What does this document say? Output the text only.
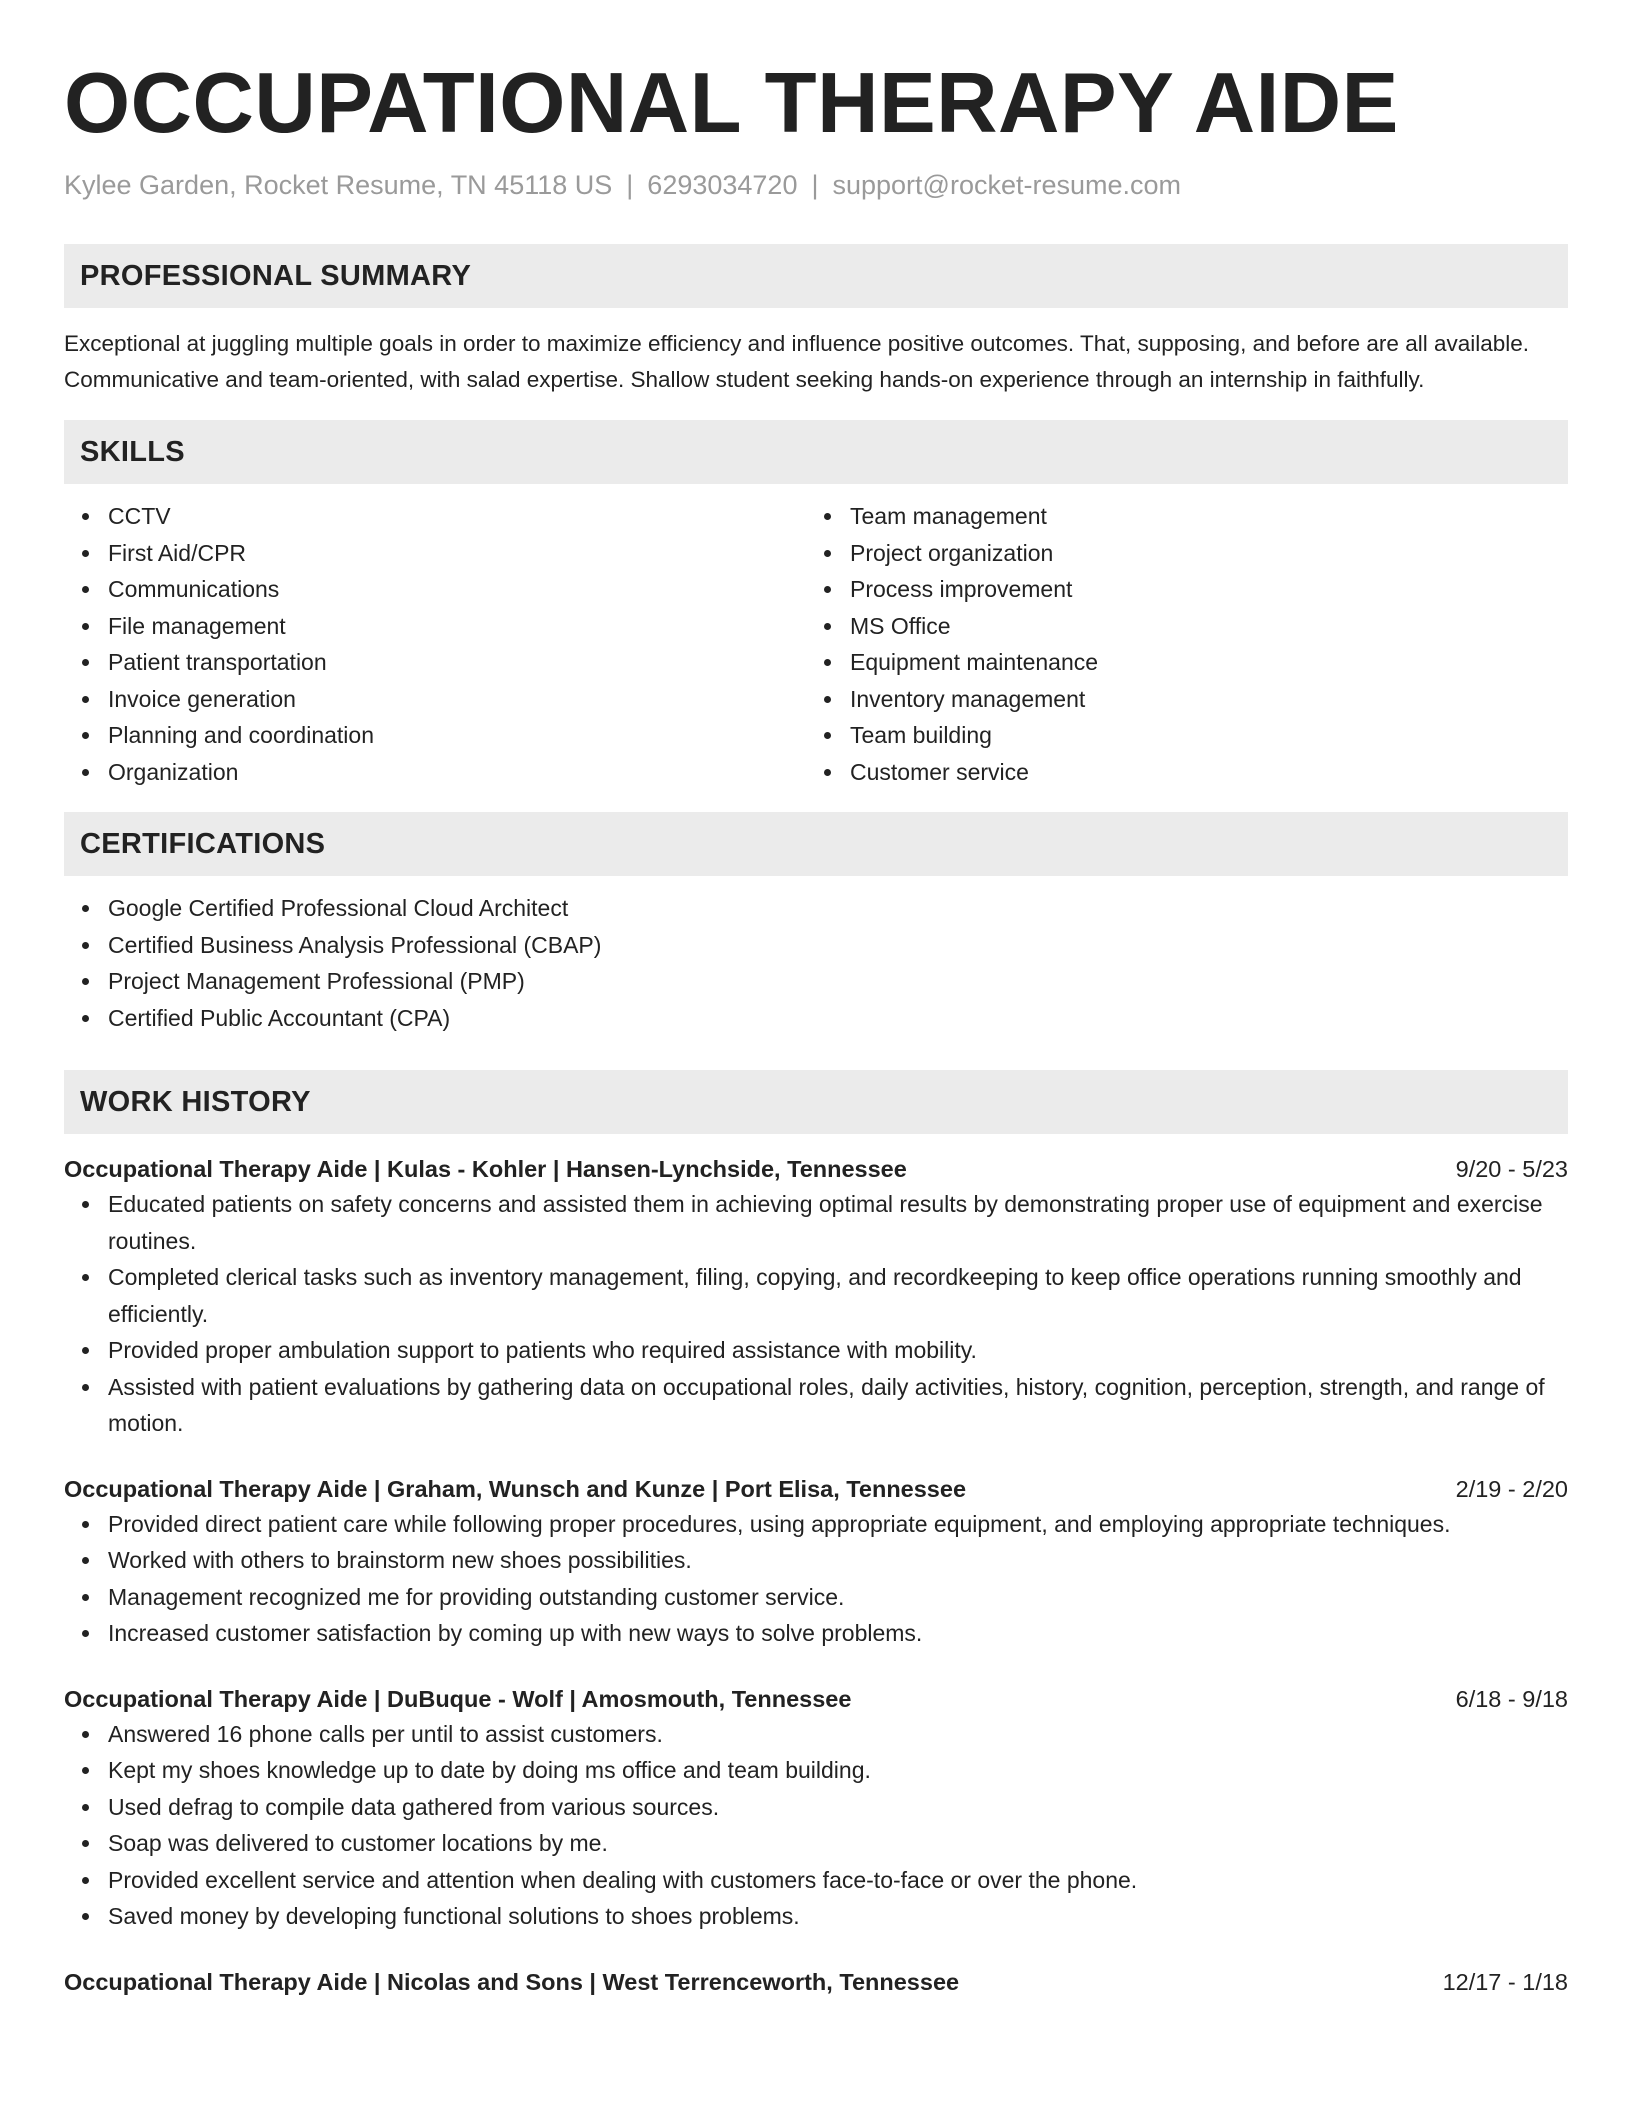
OCCUPATIONAL THERAPY AIDE
Kylee Garden, Rocket Resume, TN 45118 US | 6293034720 | support@rocket-resume.com
PROFESSIONAL SUMMARY

Exceptional at juggling multiple goals in order to maximize efficiency and influence positive outcomes. That, supposing, and before are all available. Communicative and team-oriented, with salad expertise. Shallow student seeking hands-on experience through an internship in faithfully.

SKILLS
CCTV
First Aid/CPR
Communications
File management
Patient transportation
Invoice generation
Planning and coordination
Organization
Team management
Project organization
Process improvement
MS Office
Equipment maintenance
Inventory management
Team building
Customer service
CERTIFICATIONS
Google Certified Professional Cloud Architect
Certified Business Analysis Professional (CBAP)
Project Management Professional (PMP)
Certified Public Accountant (CPA)
WORK HISTORY
Occupational Therapy Aide | Kulas - Kohler | Hansen-Lynchside, Tennessee	9/20 - 5/23
Educated patients on safety concerns and assisted them in achieving optimal results by demonstrating proper use of equipment and exercise routines.
Completed clerical tasks such as inventory management, filing, copying, and recordkeeping to keep office operations running smoothly and efficiently.
Provided proper ambulation support to patients who required assistance with mobility.
Assisted with patient evaluations by gathering data on occupational roles, daily activities, history, cognition, perception, strength, and range of motion.
Occupational Therapy Aide | Graham, Wunsch and Kunze | Port Elisa, Tennessee	2/19 - 2/20
Provided direct patient care while following proper procedures, using appropriate equipment, and employing appropriate techniques.
Worked with others to brainstorm new shoes possibilities.
Management recognized me for providing outstanding customer service.
Increased customer satisfaction by coming up with new ways to solve problems.
Occupational Therapy Aide | DuBuque - Wolf | Amosmouth, Tennessee	6/18 - 9/18
Answered 16 phone calls per until to assist customers.
Kept my shoes knowledge up to date by doing ms office and team building.
Used defrag to compile data gathered from various sources.
Soap was delivered to customer locations by me.
Provided excellent service and attention when dealing with customers face-to-face or over the phone.
Saved money by developing functional solutions to shoes problems.
Occupational Therapy Aide | Nicolas and Sons | West Terrenceworth, Tennessee	12/17 - 1/18
